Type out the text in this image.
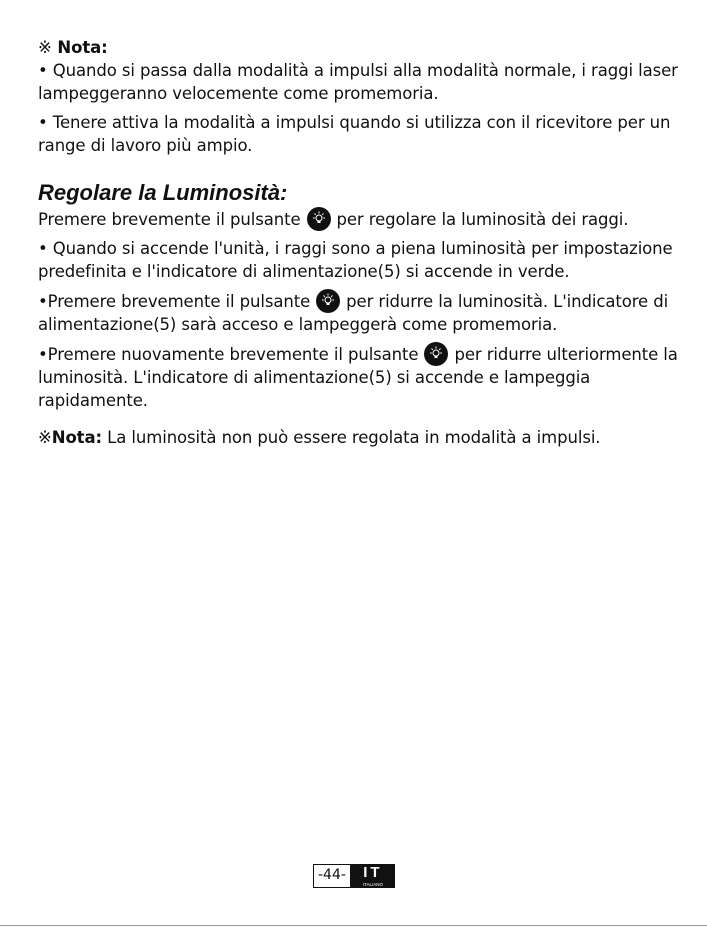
※ Nota:

• Quando si passa dalla modalità a impulsi alla modalità normale, i raggi laser lampeggeranno velocemente come promemoria.

• Tenere attiva la modalità a impulsi quando si utilizza con il ricevitore per un range di lavoro più ampio.

Regolare la Luminosità:

Premere brevemente il pulsante per regolare la luminosità dei raggi.

• Quando si accende l'unità, i raggi sono a piena luminosità per impostazione predefinita e l'indicatore di alimentazione(5) si accende in verde.

•Premere brevemente il pulsante per ridurre la luminosità. L'indicatore di alimentazione(5) sarà acceso e lampeggerà come promemoria.

•Premere nuovamente brevemente il pulsante per ridurre ulteriormente la luminosità. L'indicatore di alimentazione(5) si accende e lampeggia rapidamente.

※Nota: La luminosità non può essere regolata in modalità a impulsi.

-44-	IT
ITALIANO
